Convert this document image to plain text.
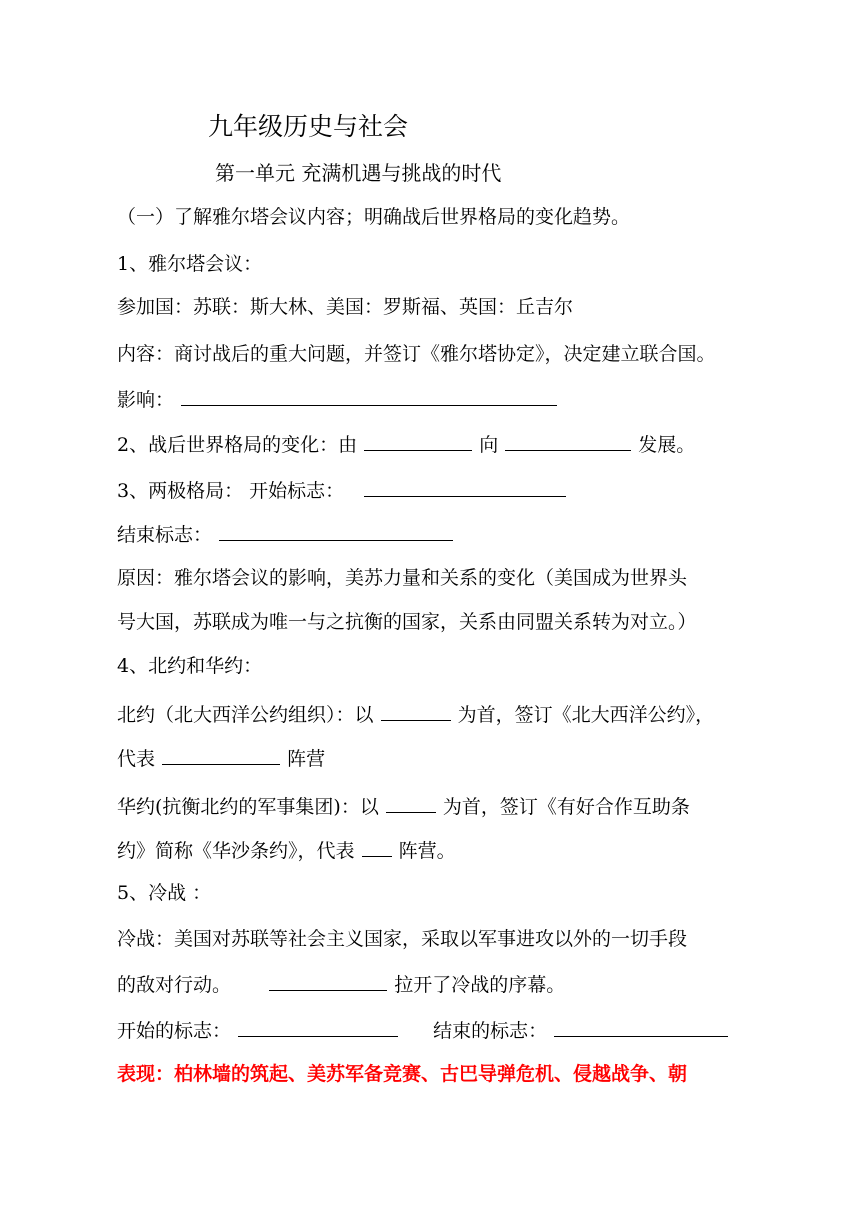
九年级历史与社会
第一单元 充满机遇与挑战的时代
（一）了解雅尔塔会议内容；明确战后世界格局的变化趋势。
1、雅尔塔会议：
参加国：苏联：斯大林、美国：罗斯福、英国：丘吉尔
内容：商讨战后的重大问题，并签订《雅尔塔协定》，决定建立联合国。
影响：
2、战后世界格局的变化：由	向	发展。
3、两极格局： 开始标志：
结束标志：
原因：雅尔塔会议的影响，美苏力量和关系的变化（美国成为世界头
号大国，苏联成为唯一与之抗衡的国家，关系由同盟关系转为对立。）
4、北约和华约：
北约（北大西洋公约组织）：以	为首，签订《北大西洋公约》，
代表	阵营
华约(抗衡北约的军事集团)：以	为首，签订《有好合作互助条
约》简称《华沙条约》，代表  阵营。
5、冷战 ：
冷战：美国对苏联等社会主义国家，采取以军事进攻以外的一切手段
的敌对行动。	拉开了冷战的序幕。
开始的标志：	结束的标志：
表现：柏林墙的筑起、美苏军备竞赛、古巴导弹危机、侵越战争、朝
